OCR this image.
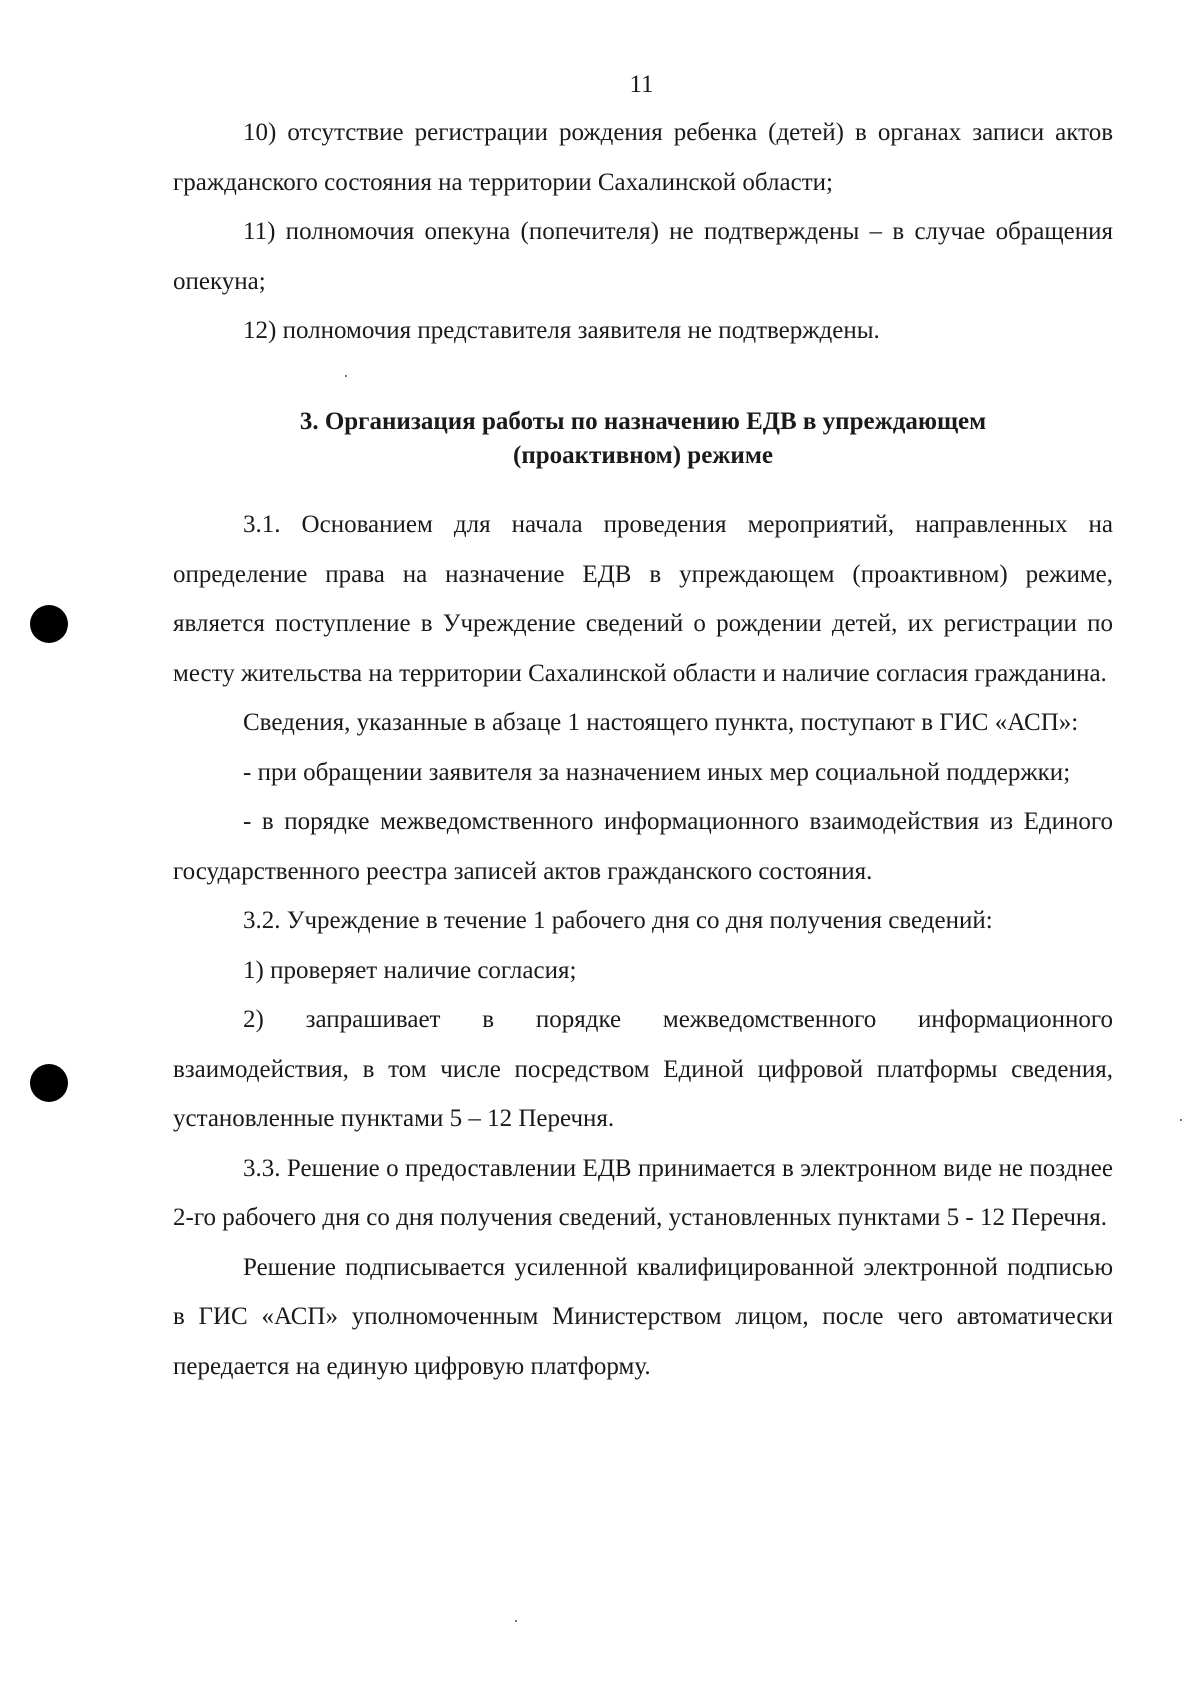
11

10) отсутствие регистрации рождения ребенка (детей) в органах записи актов гражданского состояния на территории Сахалинской области;

11) полномочия опекуна (попечителя) не подтверждены – в случае обращения опекуна;

12) полномочия представителя заявителя не подтверждены.

3. Организация работы по назначению ЕДВ в упреждающем
(проактивном) режиме

3.1. Основанием для начала проведения мероприятий, направленных на определение права на назначение ЕДВ в упреждающем (проактивном) режиме, является поступление в Учреждение сведений о рождении детей, их регистрации по месту жительства на территории Сахалинской области и наличие согласия гражданина.

Сведения, указанные в абзаце 1 настоящего пункта, поступают в ГИС «АСП»:

- при обращении заявителя за назначением иных мер социальной поддержки;

- в порядке межведомственного информационного взаимодействия из Единого государственного реестра записей актов гражданского состояния.

3.2. Учреждение в течение 1 рабочего дня со дня получения сведений:

1) проверяет наличие согласия;

2) запрашивает в порядке межведомственного информационного взаимодействия, в том числе посредством Единой цифровой платформы сведения, установленные пунктами 5 – 12 Перечня.

3.3. Решение о предоставлении ЕДВ принимается в электронном виде не позднее 2-го рабочего дня со дня получения сведений, установленных пунктами 5 - 12 Перечня.

Решение подписывается усиленной квалифицированной электронной подписью в ГИС «АСП» уполномоченным Министерством лицом, после чего автоматически передается на единую цифровую платформу.
